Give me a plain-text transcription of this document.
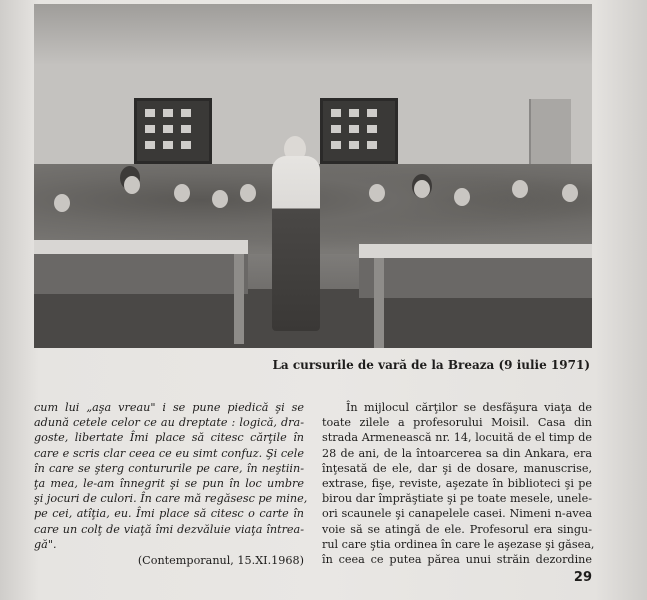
La cursurile de vară de la Breaza (9 iulie 1971)
cum lui „aşa vreau" i se pune piedică şi se
adună cetele celor ce au dreptate : logică, dra-
goste, libertate Îmi place să citesc cărţile în
care e scris clar ceea ce eu simt confuz. Şi cele
în care se şterg contururile pe care, în neştiin-
ţa mea, le-am înnegrit şi se pun în loc umbre
şi jocuri de culori. În care mă regăsesc pe mine,
pe cei, atîţia, eu. Îmi place să citesc o carte în
care un colţ de viaţă îmi dezvăluie viaţa întrea-
gă".
(Contemporanul, 15.XI.1968)
În mijlocul cărţilor se desfăşura viaţa de
toate zilele a profesorului Moisil. Casa din
strada Armenească nr. 14, locuită de el timp de
28 de ani, de la întoarcerea sa din Ankara, era
înţesată de ele, dar şi de dosare, manuscrise,
extrase, fişe, reviste, aşezate în biblioteci şi pe
birou dar împrăştiate şi pe toate mesele, unele-
ori scaunele şi canapelele casei. Nimeni n-avea
voie să se atingă de ele. Profesorul era singu-
rul care ştia ordinea în care le aşezase şi găsea,
în ceea ce putea părea unui străin dezordine
29
